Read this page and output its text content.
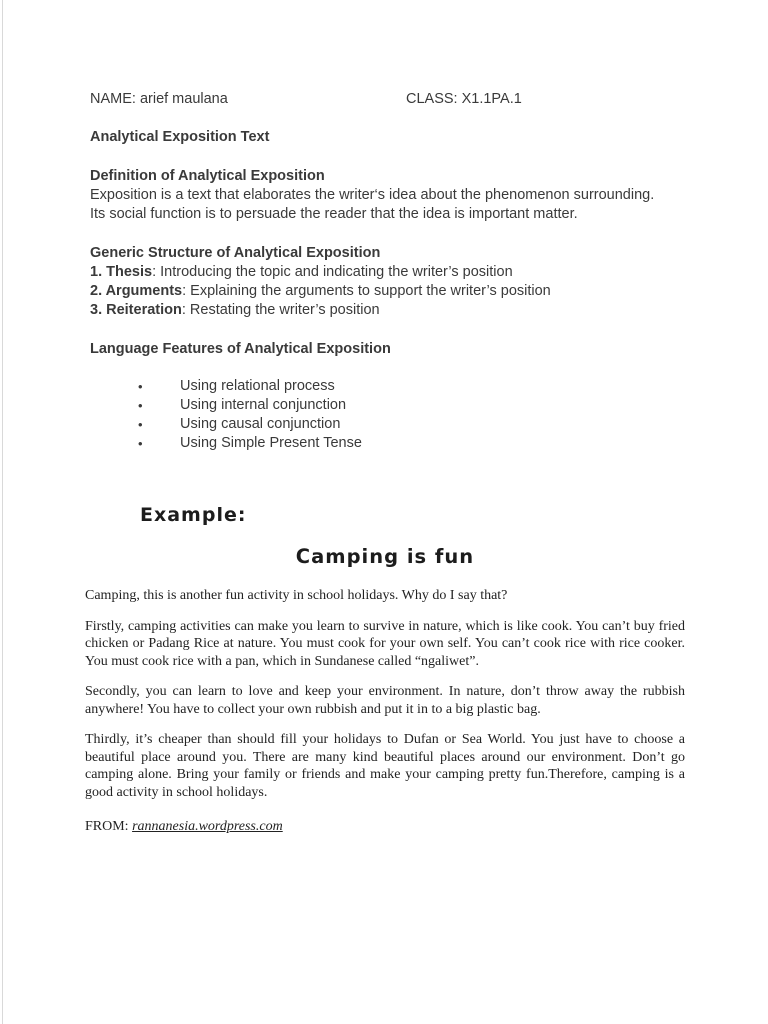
NAME: arief maulana	CLASS: X1.1PA.1
Analytical Exposition Text
Definition of Analytical Exposition
Exposition is a text that elaborates the writer‘s idea about the phenomenon surrounding. Its social function is to persuade the reader that the idea is important matter.
Generic Structure of Analytical Exposition
1. Thesis: Introducing the topic and indicating the writer’s position
2. Arguments: Explaining the arguments to support the writer’s position
3. Reiteration: Restating the writer’s position
Language Features of Analytical Exposition
•	Using relational process
•	Using internal conjunction
•	Using causal conjunction
•	Using Simple Present Tense
Example:
Camping is fun

Camping, this is another fun activity in school holidays. Why do I say that?

Firstly, camping activities can make you learn to survive in nature, which is like cook. You can’t buy fried chicken or Padang Rice at nature. You must cook for your own self. You can’t cook rice with rice cooker. You must cook rice with a pan, which in Sundanese called “ngaliwet”.

Secondly, you can learn to love and keep your environment. In nature, don’t throw away the rubbish anywhere! You have to collect your own rubbish and put it in to a big plastic bag.

Thirdly, it’s cheaper than should fill your holidays to Dufan or Sea World. You just have to choose a beautiful place around you. There are many kind beautiful places around our environment. Don’t go camping alone. Bring your family or friends and make your camping pretty fun.Therefore, camping is a good activity in school holidays.

FROM: rannanesia.wordpress.com
